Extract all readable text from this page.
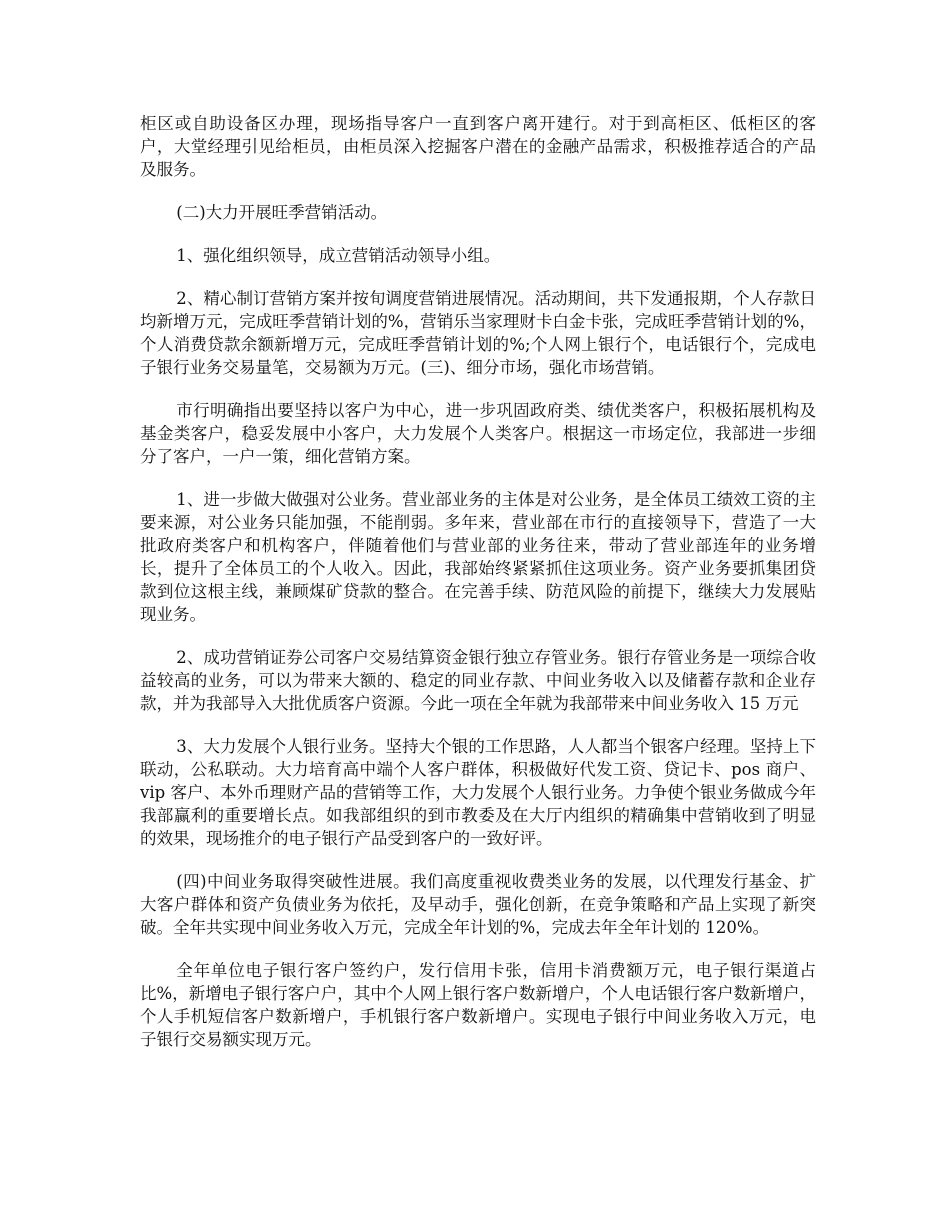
柜区或自助设备区办理，现场指导客户一直到客户离开建行。对于到高柜区、低柜区的客户，大堂经理引见给柜员，由柜员深入挖掘客户潜在的金融产品需求，积极推荐适合的产品及服务。

(二)大力开展旺季营销活动。

1、强化组织领导，成立营销活动领导小组。

2、精心制订营销方案并按旬调度营销进展情况。活动期间，共下发通报期，个人存款日均新增万元，完成旺季营销计划的%，营销乐当家理财卡白金卡张，完成旺季营销计划的%，个人消费贷款余额新增万元，完成旺季营销计划的%;个人网上银行个，电话银行个，完成电子银行业务交易量笔，交易额为万元。(三)、细分市场，强化市场营销。

市行明确指出要坚持以客户为中心，进一步巩固政府类、绩优类客户，积极拓展机构及基金类客户，稳妥发展中小客户，大力发展个人类客户。根据这一市场定位，我部进一步细分了客户，一户一策，细化营销方案。

1、进一步做大做强对公业务。营业部业务的主体是对公业务，是全体员工绩效工资的主要来源，对公业务只能加强，不能削弱。多年来，营业部在市行的直接领导下，营造了一大批政府类客户和机构客户，伴随着他们与营业部的业务往来，带动了营业部连年的业务增长，提升了全体员工的个人收入。因此，我部始终紧紧抓住这项业务。资产业务要抓集团贷款到位这根主线，兼顾煤矿贷款的整合。在完善手续、防范风险的前提下，继续大力发展贴现业务。

2、成功营销证券公司客户交易结算资金银行独立存管业务。银行存管业务是一项综合收益较高的业务，可以为带来大额的、稳定的同业存款、中间业务收入以及储蓄存款和企业存款，并为我部导入大批优质客户资源。今此一项在全年就为我部带来中间业务收入 15 万元

3、大力发展个人银行业务。坚持大个银的工作思路，人人都当个银客户经理。坚持上下联动，公私联动。大力培育高中端个人客户群体，积极做好代发工资、贷记卡、pos 商户、vip 客户、本外币理财产品的营销等工作，大力发展个人银行业务。力争使个银业务做成今年我部赢利的重要增长点。如我部组织的到市教委及在大厅内组织的精确集中营销收到了明显的效果，现场推介的电子银行产品受到客户的一致好评。

(四)中间业务取得突破性进展。我们高度重视收费类业务的发展，以代理发行基金、扩大客户群体和资产负债业务为依托，及早动手，强化创新，在竞争策略和产品上实现了新突破。全年共实现中间业务收入万元，完成全年计划的%，完成去年全年计划的 120%。

全年单位电子银行客户签约户，发行信用卡张，信用卡消费额万元，电子银行渠道占比%，新增电子银行客户户，其中个人网上银行客户数新增户，个人电话银行客户数新增户，个人手机短信客户数新增户，手机银行客户数新增户。实现电子银行中间业务收入万元，电子银行交易额实现万元。
